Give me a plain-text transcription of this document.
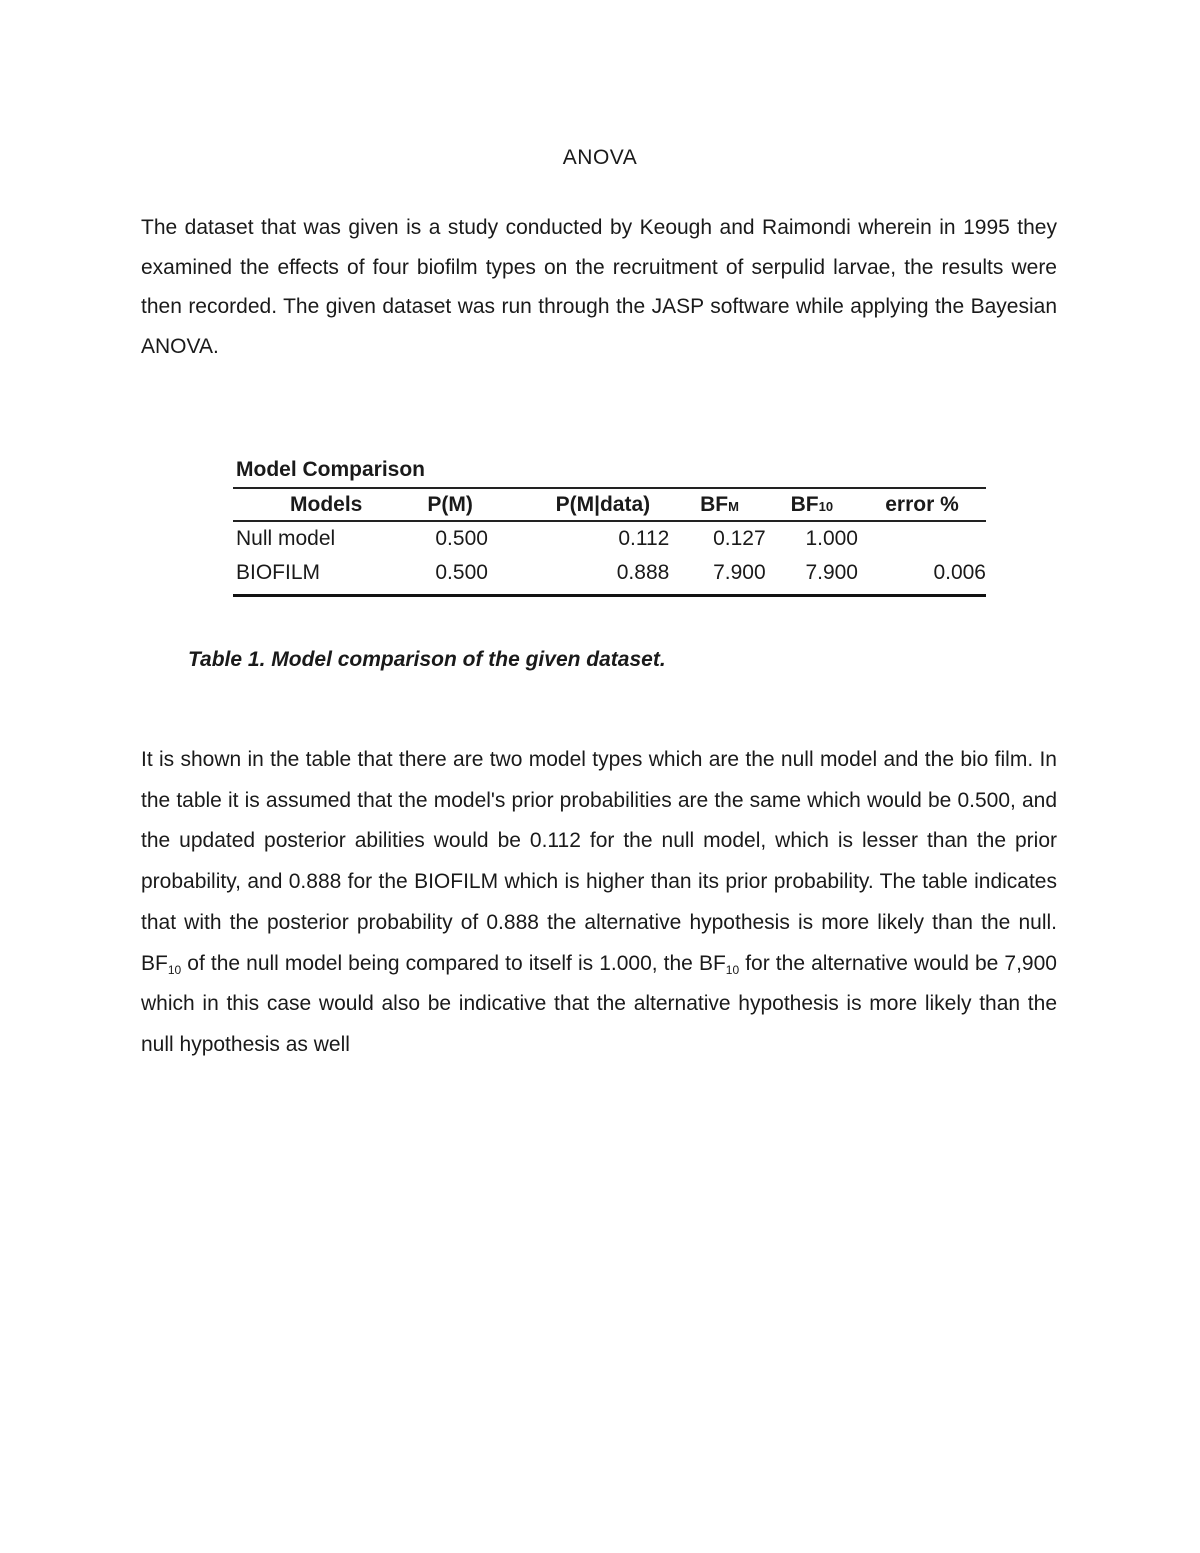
ANOVA

The dataset that was given is a study conducted by Keough and Raimondi wherein in 1995 they examined the effects of four biofilm types on the recruitment of serpulid larvae, the results were then recorded. The given dataset was run through the JASP software while applying the Bayesian ANOVA.

Model Comparison
Models	P(M)	P(M|data)	BFM	BF10	error %
Null model	0.500	0.112	0.127	1.000	
BIOFILM	0.500	0.888	7.900	7.900	0.006

Table 1. Model comparison of the given dataset.

It is shown in the table that there are two model types which are the null model and the bio film. In the table it is assumed that the model's prior probabilities are the same which would be 0.500, and the updated posterior abilities would be 0.112 for the null model, which is lesser than the prior probability, and 0.888 for the BIOFILM which is higher than its prior probability. The table indicates that with the posterior probability of 0.888 the alternative hypothesis is more likely than the null. $BF_{10}$ of the null model being compared to itself is 1.000, the $BF_{10}$ for the alternative would be 7,900 which in this case would also be indicative that the alternative hypothesis is more likely than the null hypothesis as well
